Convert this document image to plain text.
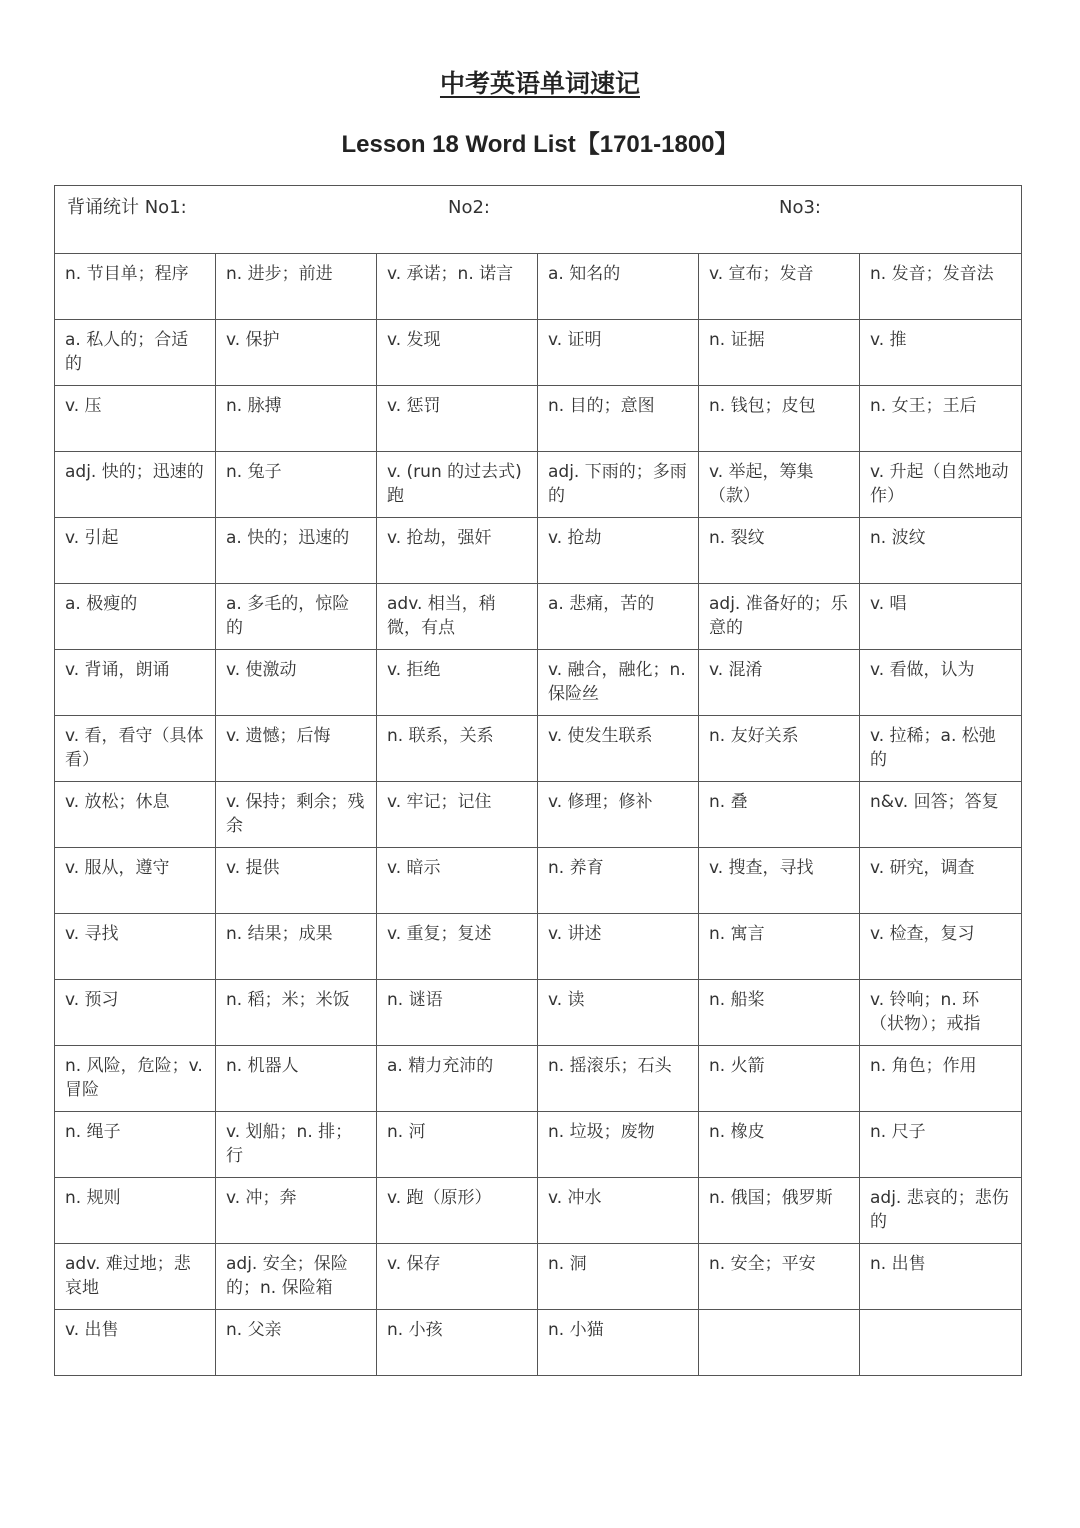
中考英语单词速记
Lesson 18 Word List【1701-1800】
背诵统计 No1: No2: No3:					

n. 节目单；程序	n. 进步；前进	v. 承诺；n. 诺言	a. 知名的	v. 宣布；发音	n. 发音；发音法
a. 私人的；合适的	v. 保护	v. 发现	v. 证明	n. 证据	v. 推
v. 压	n. 脉搏	v. 惩罚	n. 目的；意图	n. 钱包；皮包	n. 女王；王后
adj. 快的；迅速的	n. 兔子	v. (run 的过去式) 跑	adj. 下雨的；多雨的	v. 举起，筹集（款）	v. 升起（自然地动作）
v. 引起	a. 快的；迅速的	v. 抢劫，强奸	v. 抢劫	n. 裂纹	n. 波纹
a. 极瘦的	a. 多毛的，惊险的	adv. 相当，稍微，有点	a. 悲痛，苦的	adj. 准备好的；乐意的	v. 唱
v. 背诵，朗诵	v. 使激动	v. 拒绝	v. 融合，融化；n. 保险丝	v. 混淆	v. 看做，认为
v. 看，看守（具体看）	v. 遗憾；后悔	n. 联系，关系	v. 使发生联系	n. 友好关系	v. 拉稀；a. 松弛的
v. 放松；休息	v. 保持；剩余；残余	v. 牢记；记住	v. 修理；修补	n. 叠	n&v. 回答；答复
v. 服从，遵守	v. 提供	v. 暗示	n. 养育	v. 搜查，寻找	v. 研究，调查
v. 寻找	n. 结果；成果	v. 重复；复述	v. 讲述	n. 寓言	v. 检查，复习
v. 预习	n. 稻；米；米饭	n. 谜语	v. 读	n. 船桨	v. 铃响；n. 环（状物）；戒指
n. 风险，危险；v. 冒险	n. 机器人	a. 精力充沛的	n. 摇滚乐；石头	n. 火箭	n. 角色；作用
n. 绳子	v. 划船；n. 排；行	n. 河	n. 垃圾；废物	n. 橡皮	n. 尺子
n. 规则	v. 冲；奔	v. 跑（原形）	v. 冲水	n. 俄国；俄罗斯	adj. 悲哀的；悲伤的
adv. 难过地；悲哀地	adj. 安全；保险的；n. 保险箱	v. 保存	n. 洞	n. 安全；平安	n. 出售
v. 出售	n. 父亲	n. 小孩	n. 小猫		
